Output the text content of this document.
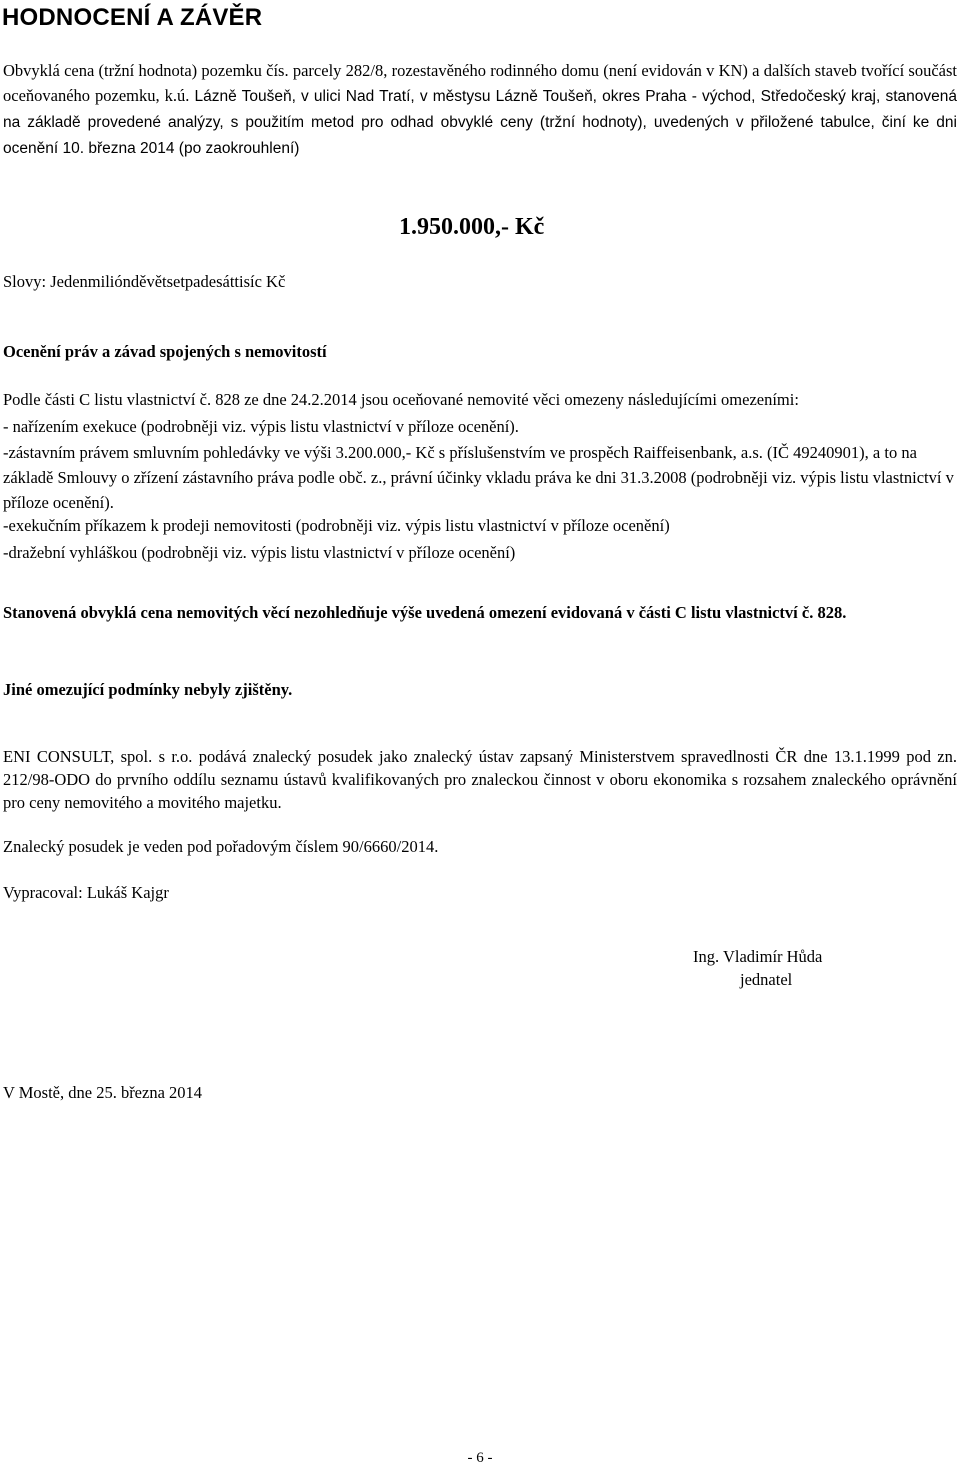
HODNOCENÍ A ZÁVĚR

Obvyklá cena (tržní hodnota) pozemku čís. parcely 282/8, rozestavěného rodinného domu (není evidován v KN) a dalších staveb tvořící součást oceňovaného pozemku, k.ú. Lázně Toušeň, v ulici Nad Tratí, v městysu Lázně Toušeň, okres Praha - východ, Středočeský kraj, stanovená na základě provedené analýzy, s použitím metod pro odhad obvyklé ceny (tržní hodnoty), uvedených v přiložené tabulce, činí ke dni ocenění 10. března 2014 (po zaokrouhlení)

1.950.000,- Kč

Slovy: Jedenmiliónděvětsetpadesáttisíc Kč

Ocenění práv a závad spojených s nemovitostí

Podle části C listu vlastnictví č. 828 ze dne 24.2.2014 jsou oceňované nemovité věci omezeny následujícími omezeními:

- nařízením exekuce (podrobněji viz. výpis listu vlastnictví v příloze ocenění).

-zástavním právem smluvním pohledávky ve výši 3.200.000,- Kč s příslušenstvím ve prospěch Raiffeisenbank, a.s. (IČ 49240901), a to na základě Smlouvy o zřízení zástavního práva podle obč. z., právní účinky vkladu práva ke dni 31.3.2008 (podrobněji viz. výpis listu vlastnictví v příloze ocenění).

-exekučním příkazem k prodeji nemovitosti (podrobněji viz. výpis listu vlastnictví v příloze ocenění)

-dražební vyhláškou (podrobněji viz. výpis listu vlastnictví v příloze ocenění)

Stanovená obvyklá cena nemovitých věcí nezohledňuje výše uvedená omezení evidovaná v části C listu vlastnictví č. 828.

Jiné omezující podmínky nebyly zjištěny.

ENI CONSULT, spol. s r.o. podává znalecký posudek jako znalecký ústav zapsaný Ministerstvem spravedlnosti ČR dne 13.1.1999 pod zn. 212/98-ODO do prvního oddílu seznamu ústavů kvalifikovaných pro znaleckou činnost v oboru ekonomika s rozsahem znaleckého oprávnění pro ceny nemovitého a movitého majetku.

Znalecký posudek je veden pod pořadovým číslem 90/6660/2014.

Vypracoval: Lukáš Kajgr

Ing. Vladimír Hůda

jednatel

V Mostě, dne 25. března 2014

- 6 -
